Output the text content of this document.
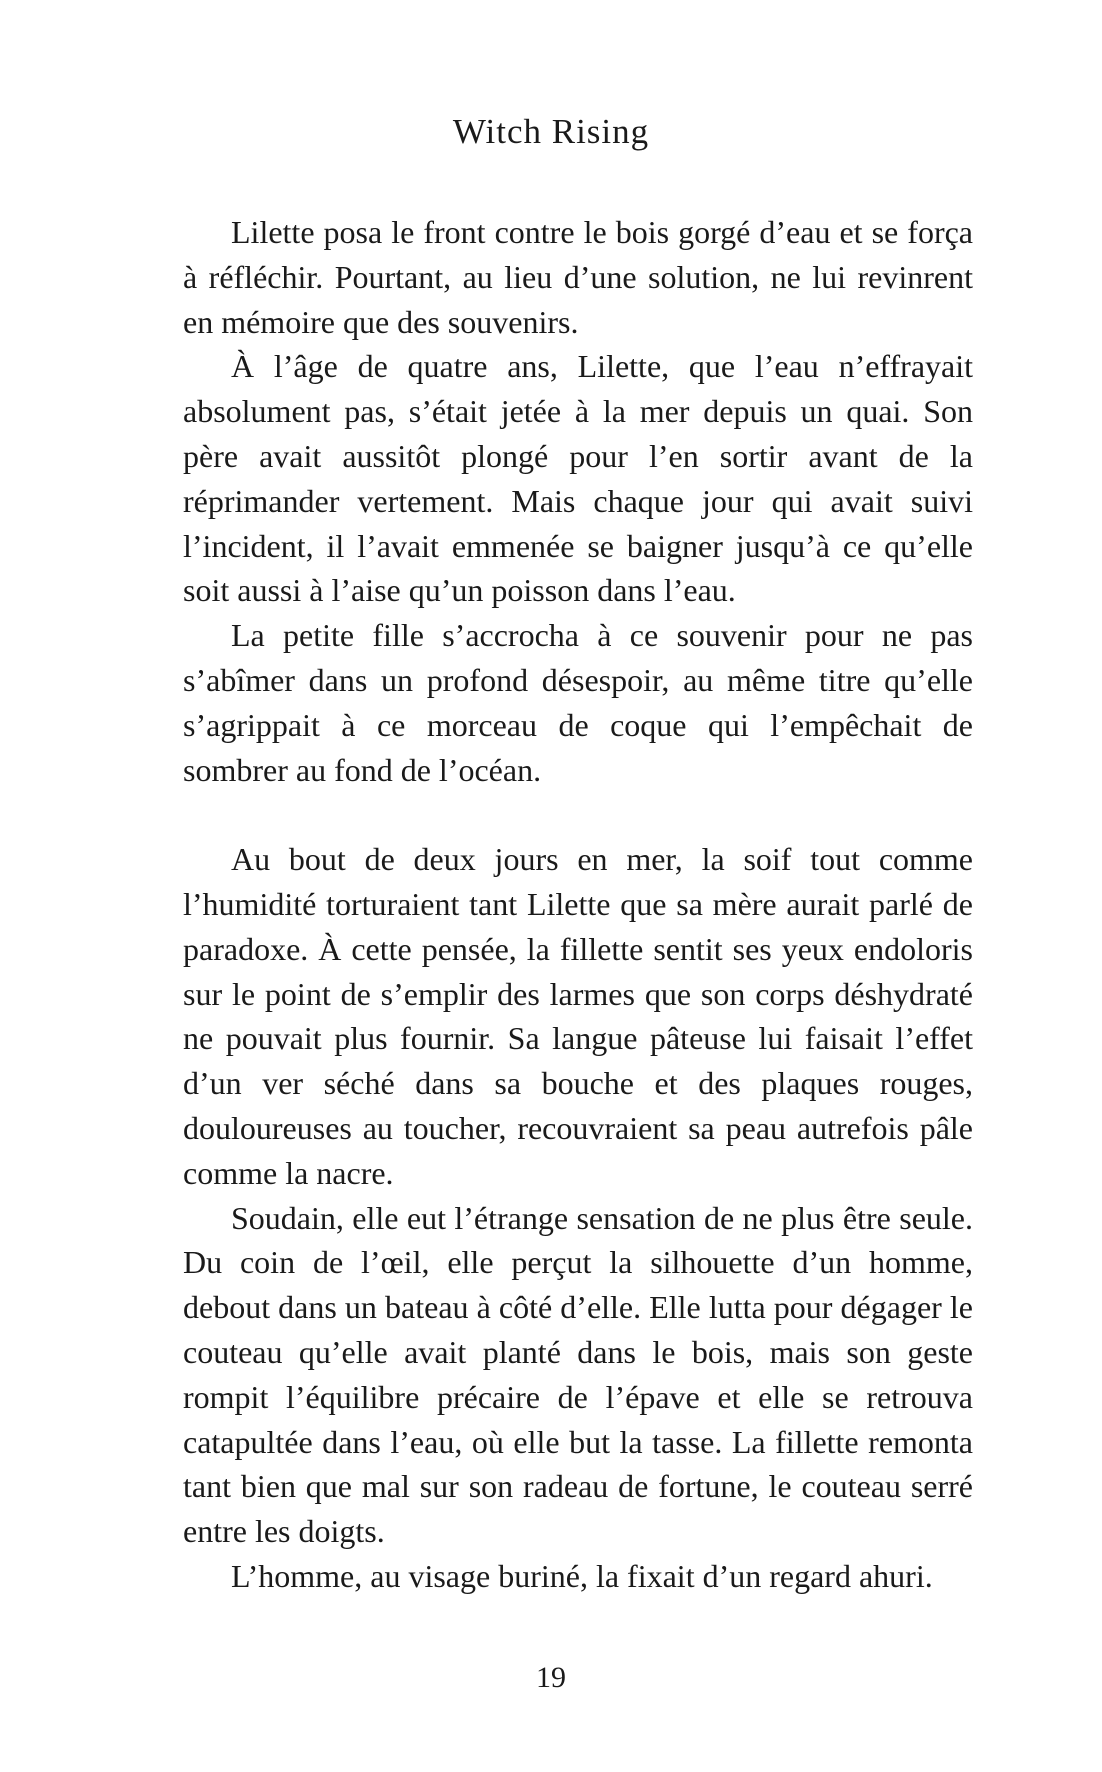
Witch Rising

Lilette posa le front contre le bois gorgé d’eau et se força à réfléchir. Pourtant, au lieu d’une solution, ne lui revinrent en mémoire que des souvenirs.

À l’âge de quatre ans, Lilette, que l’eau n’effrayait absolument pas, s’était jetée à la mer depuis un quai. Son père avait aussitôt plongé pour l’en sortir avant de la réprimander vertement. Mais chaque jour qui avait suivi l’incident, il l’avait emmenée se baigner jusqu’à ce qu’elle soit aussi à l’aise qu’un poisson dans l’eau.

La petite fille s’accrocha à ce souvenir pour ne pas s’abîmer dans un profond désespoir, au même titre qu’elle s’agrippait à ce morceau de coque qui l’empêchait de sombrer au fond de l’océan.

Au bout de deux jours en mer, la soif tout comme l’humidité torturaient tant Lilette que sa mère aurait parlé de paradoxe. À cette pensée, la fillette sentit ses yeux endoloris sur le point de s’emplir des larmes que son corps déshydraté ne pouvait plus fournir. Sa langue pâteuse lui faisait l’effet d’un ver séché dans sa bouche et des plaques rouges, douloureuses au toucher, recouvraient sa peau autrefois pâle comme la nacre.

Soudain, elle eut l’étrange sensation de ne plus être seule. Du coin de l’œil, elle perçut la silhouette d’un homme, debout dans un bateau à côté d’elle. Elle lutta pour dégager le couteau qu’elle avait planté dans le bois, mais son geste rompit l’équilibre précaire de l’épave et elle se retrouva catapultée dans l’eau, où elle but la tasse. La fillette remonta tant bien que mal sur son radeau de fortune, le couteau serré entre les doigts.

L’homme, au visage buriné, la fixait d’un regard ahuri.

19
